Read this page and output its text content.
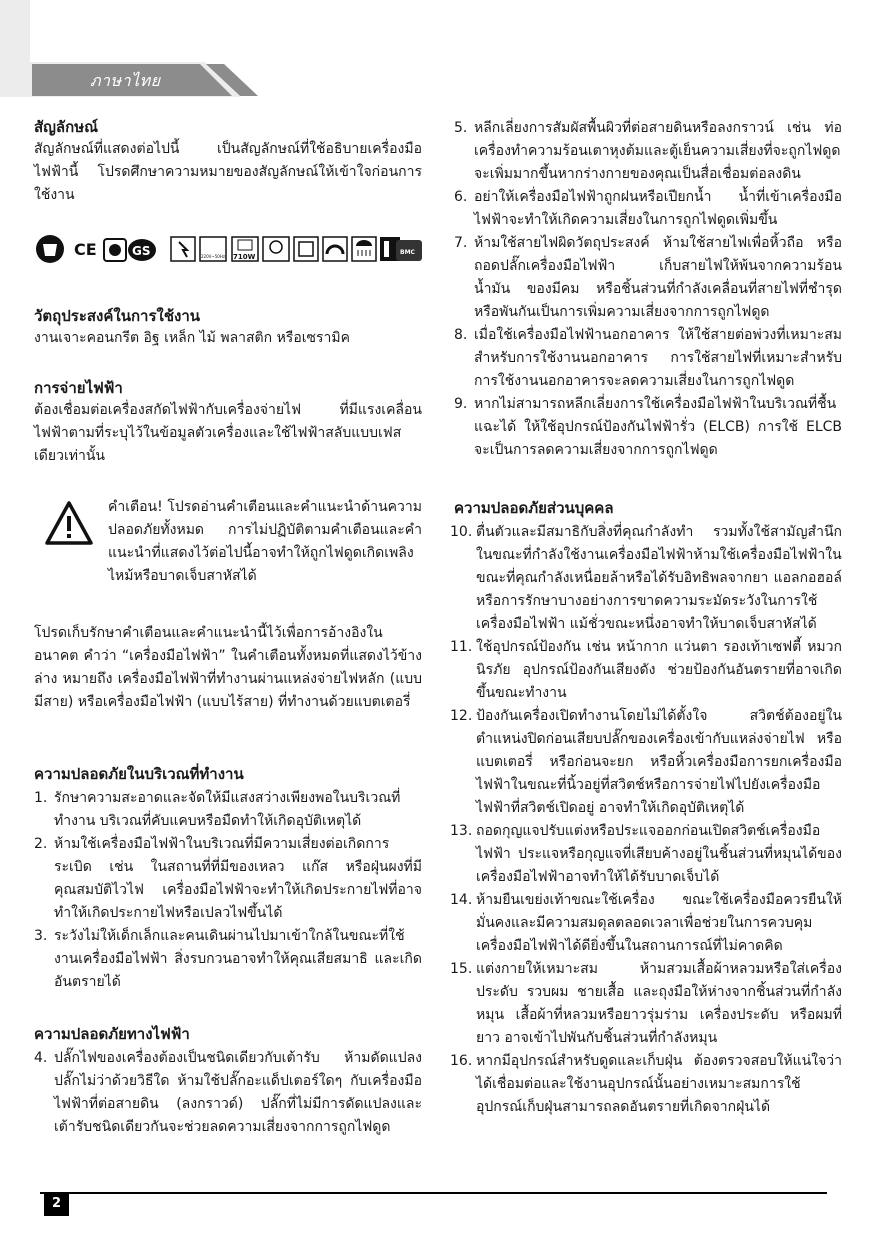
ภาษาไทย

สัญลักษณ์

สัญลักษณ์ที่แสดงต่อไปนี้ เป็นสัญลักษณ์ที่ใช้อธิบายเครื่องมือไฟฟ้านี้ โปรดศึกษาความหมายของสัญลักษณ์ให้เข้าใจก่อนการใช้งาน

CE	GS	220V~50Hz 710W
BMC

วัตถุประสงค์ในการใช้งาน

งานเจาะคอนกรีต อิฐ เหล็ก ไม้ พลาสติก หรือเซรามิค

การจ่ายไฟฟ้า

ต้องเชื่อมต่อเครื่องสกัดไฟฟ้ากับเครื่องจ่ายไฟ ที่มีแรงเคลื่อนไฟฟ้าตามที่ระบุไว้ในข้อมูลตัวเครื่องและใช้ไฟฟ้าสลับแบบเฟสเดียวเท่านั้น

คำเตือน! โปรดอ่านคำเตือนและคำแนะนำด้านความปลอดภัยทั้งหมด การไม่ปฏิบัติตามคำเตือนและคำแนะนำที่แสดงไว้ต่อไปนี้อาจทำให้ถูกไฟดูดเกิดเพลิงไหม้หรือบาดเจ็บสาหัสได้

โปรดเก็บรักษาคำเตือนและคำแนะนำนี้ไว้เพื่อการอ้างอิงในอนาคต คำว่า “เครื่องมือไฟฟ้า” ในคำเตือนทั้งหมดที่แสดงไว้ข้างล่าง หมายถึง เครื่องมือไฟฟ้าที่ทำงานผ่านแหล่งจ่ายไฟหลัก (แบบมีสาย) หรือเครื่องมือไฟฟ้า (แบบไร้สาย) ที่ทำงานด้วยแบตเตอรี่

ความปลอดภัยในบริเวณที่ทำงาน

1. รักษาความสะอาดและจัดให้มีแสงสว่างเพียงพอในบริเวณที่ทำงาน บริเวณที่คับแคบหรือมืดทำให้เกิดอุบัติเหตุได้
2. ห้ามใช้เครื่องมือไฟฟ้าในบริเวณที่มีความเสี่ยงต่อเกิดการระเบิด เช่น ในสถานที่ที่มีของเหลว แก๊ส หรือฝุ่นผงที่มีคุณสมบัติไวไฟ เครื่องมือไฟฟ้าจะทำให้เกิดประกายไฟที่อาจทำให้เกิดประกายไฟหรือเปลวไฟขึ้นได้
3. ระวังไม่ให้เด็กเล็กและคนเดินผ่านไปมาเข้าใกล้ในขณะที่ใช้งานเครื่องมือไฟฟ้า สิ่งรบกวนอาจทำให้คุณเสียสมาธิ และเกิดอันตรายได้

ความปลอดภัยทางไฟฟ้า

4. ปลั๊กไฟของเครื่องต้องเป็นชนิดเดียวกับเต้ารับ ห้ามดัดแปลงปลั๊กไม่ว่าด้วยวิธีใด ห้ามใช้ปลั๊กอะแด็ปเตอร์ใดๆ กับเครื่องมือไฟฟ้าที่ต่อสายดิน (ลงกราวด์) ปลั๊กที่ไม่มีการดัดแปลงและเต้ารับชนิดเดียวกันจะช่วยลดความเสี่ยงจากการถูกไฟดูด
5. หลีกเลี่ยงการสัมผัสพื้นผิวที่ต่อสายดินหรือลงกราวน์ เช่น ท่อ เครื่องทำความร้อนเตาหุงต้มและตู้เย็นความเสี่ยงที่จะถูกไฟดูด จะเพิ่มมากขึ้นหากร่างกายของคุณเป็นสื่อเชื่อมต่อลงดิน
6. อย่าให้เครื่องมือไฟฟ้าถูกฝนหรือเปียกน้ำ น้ำที่เข้าเครื่องมือไฟฟ้าจะทำให้เกิดความเสี่ยงในการถูกไฟดูดเพิ่มขึ้น
7. ห้ามใช้สายไฟผิดวัตถุประสงค์ ห้ามใช้สายไฟเพื่อหิ้วถือ หรือถอดปลั๊กเครื่องมือไฟฟ้า เก็บสายไฟให้พ้นจากความร้อน น้ำมัน ของมีคม หรือชิ้นส่วนที่กำลังเคลื่อนที่สายไฟที่ชำรุดหรือพันกันเป็นการเพิ่มความเสี่ยงจากการถูกไฟดูด
8. เมื่อใช้เครื่องมือไฟฟ้านอกอาคาร ให้ใช้สายต่อพ่วงที่เหมาะสมสำหรับการใช้งานนอกอาคาร การใช้สายไฟที่เหมาะสำหรับการใช้งานนอกอาคารจะลดความเสี่ยงในการถูกไฟดูด
9. หากไม่สามารถหลีกเลี่ยงการใช้เครื่องมือไฟฟ้าในบริเวณที่ชื้นแฉะได้ ให้ใช้อุปกรณ์ป้องกันไฟฟ้ารั่ว (ELCB) การใช้ ELCB จะเป็นการลดความเสี่ยงจากการถูกไฟดูด

ความปลอดภัยส่วนบุคคล

10. ตื่นตัวและมีสมาธิกับสิ่งที่คุณกำลังทำ รวมทั้งใช้สามัญสำนึกในขณะที่กำลังใช้งานเครื่องมือไฟฟ้าห้ามใช้เครื่องมือไฟฟ้าในขณะที่คุณกำลังเหนื่อยล้าหรือได้รับอิทธิพลจากยา แอลกอฮอล์ หรือการรักษาบางอย่างการขาดความระมัดระวังในการใช้เครื่องมือไฟฟ้า แม้ชั่วขณะหนึ่งอาจทำให้บาดเจ็บสาหัสได้
11. ใช้อุปกรณ์ป้องกัน เช่น หน้ากาก แว่นตา รองเท้าเซฟตี้ หมวกนิรภัย อุปกรณ์ป้องกันเสียงดัง ช่วยป้องกันอันตรายที่อาจเกิดขึ้นขณะทำงาน
12. ป้องกันเครื่องเปิดทำงานโดยไม่ได้ตั้งใจ สวิตช์ต้องอยู่ในตำแหน่งปิดก่อนเสียบปลั๊กของเครื่องเข้ากับแหล่งจ่ายไฟ หรือแบตเตอรี่ หรือก่อนจะยก หรือหิ้วเครื่องมือการยกเครื่องมือไฟฟ้าในขณะที่นิ้วอยู่ที่สวิตช์หรือการจ่ายไฟไปยังเครื่องมือไฟฟ้าที่สวิตช์เปิดอยู่ อาจทำให้เกิดอุบัติเหตุได้
13. ถอดกุญแจปรับแต่งหรือประแจออกก่อนเปิดสวิตช์เครื่องมือไฟฟ้า ประแจหรือกุญแจที่เสียบค้างอยู่ในชิ้นส่วนที่หมุนได้ของเครื่องมือไฟฟ้าอาจทำให้ได้รับบาดเจ็บได้
14. ห้ามยืนเขย่งเท้าขณะใช้เครื่อง ขณะใช้เครื่องมือควรยืนให้มั่นคงและมีความสมดุลตลอดเวลาเพื่อช่วยในการควบคุมเครื่องมือไฟฟ้าได้ดียิ่งขึ้นในสถานการณ์ที่ไม่คาดคิด
15. แต่งกายให้เหมาะสม ห้ามสวมเสื้อผ้าหลวมหรือใส่เครื่องประดับ รวบผม ชายเสื้อ และถุงมือให้ห่างจากชิ้นส่วนที่กำลังหมุน เสื้อผ้าที่หลวมหรือยาวรุ่มร่าม เครื่องประดับ หรือผมที่ยาว อาจเข้าไปพันกับชิ้นส่วนที่กำลังหมุน
16. หากมีอุปกรณ์สำหรับดูดและเก็บฝุ่น ต้องตรวจสอบให้แน่ใจว่าได้เชื่อมต่อและใช้งานอุปกรณ์นั้นอย่างเหมาะสมการใช้อุปกรณ์เก็บฝุ่นสามารถลดอันตรายที่เกิดจากฝุ่นได้
2
